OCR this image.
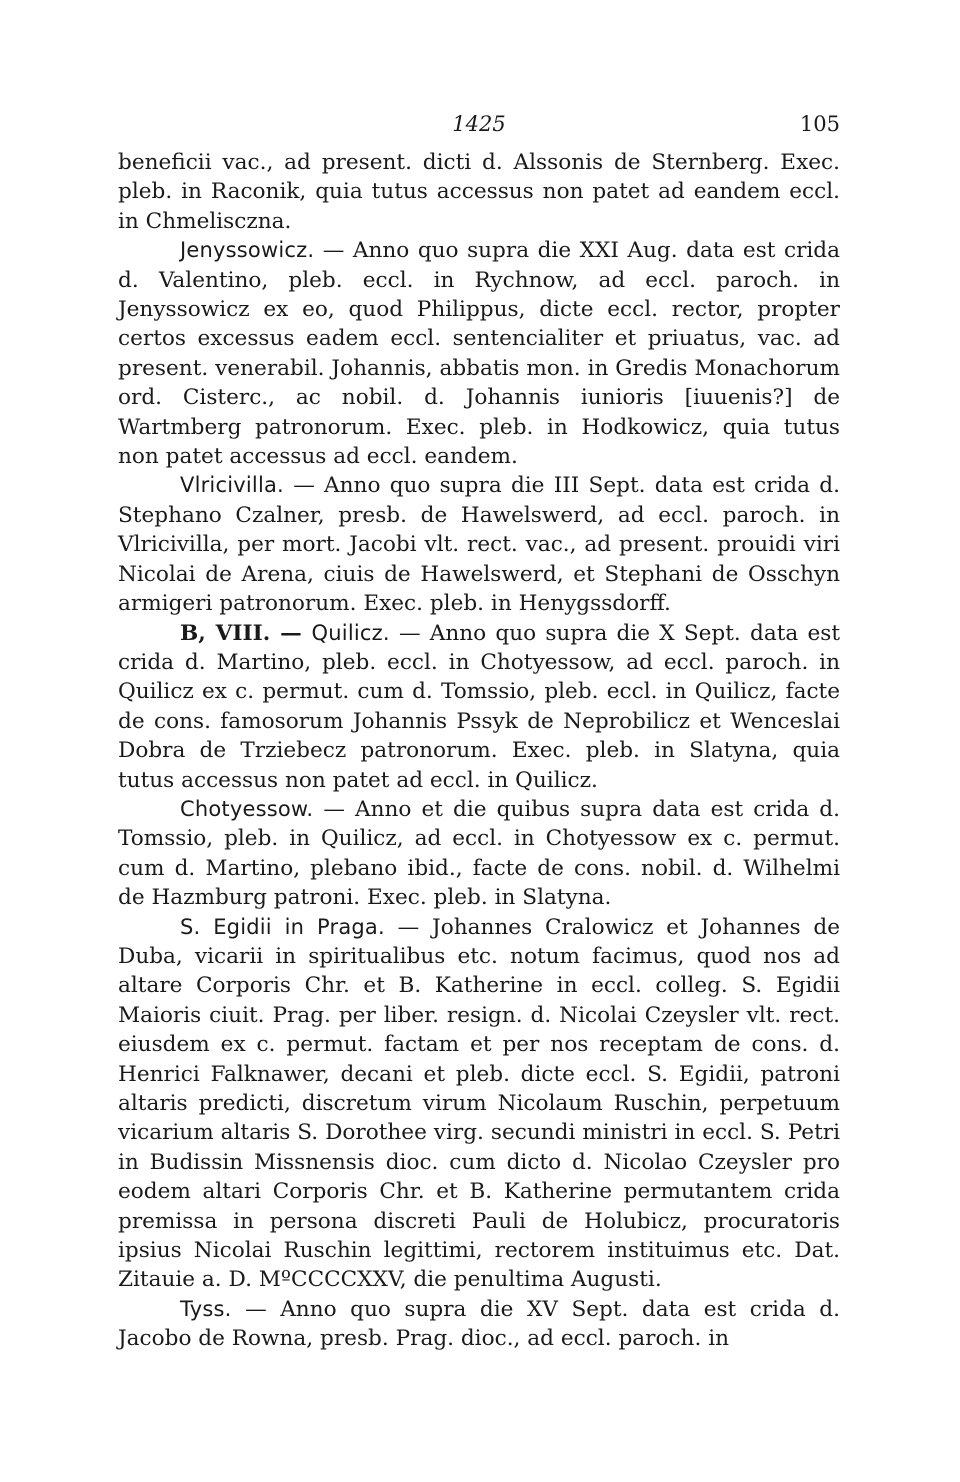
1425	105

beneficii vac., ad present. dicti d. Alssonis de Sternberg. Exec. pleb. in Raconik, quia tutus accessus non patet ad eandem eccl. in Chmelisczna.

Jenyssowicz. — Anno quo supra die XXI Aug. data est crida d. Valentino, pleb. eccl. in Rychnow, ad eccl. paroch. in Jenyssowicz ex eo, quod Philippus, dicte eccl. rector, propter certos excessus eadem eccl. sentencialiter et priuatus, vac. ad present. venerabil. Johannis, abbatis mon. in Gredis Monachorum ord. Cisterc., ac nobil. d. Johannis iunioris [iuuenis?] de Wartmberg patronorum. Exec. pleb. in Hodkowicz, quia tutus non patet accessus ad eccl. eandem.

Vlricivilla. — Anno quo supra die III Sept. data est crida d. Stephano Czalner, presb. de Hawelswerd, ad eccl. paroch. in Vlricivilla, per mort. Jacobi vlt. rect. vac., ad present. prouidi viri Nicolai de Arena, ciuis de Hawelswerd, et Stephani de Osschyn armigeri patronorum. Exec. pleb. in Henygssdorff.

B, VIII. — Quilicz. — Anno quo supra die X Sept. data est crida d. Martino, pleb. eccl. in Chotyessow, ad eccl. paroch. in Quilicz ex c. permut. cum d. Tomssio, pleb. eccl. in Quilicz, facte de cons. famosorum Johannis Pssyk de Neprobilicz et Wenceslai Dobra de Trziebecz patronorum. Exec. pleb. in Slatyna, quia tutus accessus non patet ad eccl. in Quilicz.

Chotyessow. — Anno et die quibus supra data est crida d. Tomssio, pleb. in Quilicz, ad eccl. in Chotyessow ex c. permut. cum d. Martino, plebano ibid., facte de cons. nobil. d. Wilhelmi de Hazmburg patroni. Exec. pleb. in Slatyna.

S. Egidii in Praga. — Johannes Cralowicz et Johannes de Duba, vicarii in spiritualibus etc. notum facimus, quod nos ad altare Corporis Chr. et B. Katherine in eccl. colleg. S. Egidii Maioris ciuit. Prag. per liber. resign. d. Nicolai Czeysler vlt. rect. eiusdem ex c. permut. factam et per nos receptam de cons. d. Henrici Falknawer, decani et pleb. dicte eccl. S. Egidii, patroni altaris predicti, discretum virum Nicolaum Ruschin, perpetuum vicarium altaris S. Dorothee virg. secundi ministri in eccl. S. Petri in Budissin Missnensis dioc. cum dicto d. Nicolao Czeysler pro eodem altari Corporis Chr. et B. Katherine permutantem crida premissa in persona discreti Pauli de Holubicz, procuratoris ipsius Nicolai Ruschin legittimi, rectorem instituimus etc. Dat. Zitauie a. D. MºCCCCXXV, die penultima Augusti.

Tyss. — Anno quo supra die XV Sept. data est crida d. Jacobo de Rowna, presb. Prag. dioc., ad eccl. paroch. in
